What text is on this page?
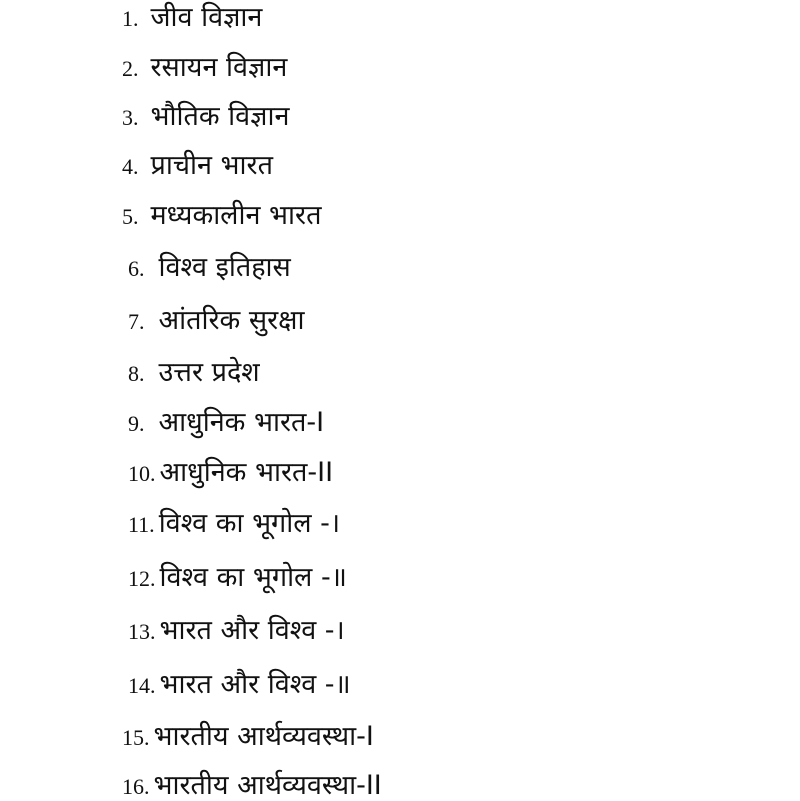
1. जीव विज्ञान
2. रसायन विज्ञान
3. भौतिक विज्ञान
4. प्राचीन भारत
5. मध्यकालीन भारत
6. विश्व इतिहास
7. आंतरिक सुरक्षा
8. उत्तर प्रदेश
9. आधुनिक भारत-I
10. आधुनिक भारत-II
11. विश्व का भूगोल -।
12. विश्व का भूगोल -॥
13. भारत और विश्व -।
14. भारत और विश्व -॥
15. भारतीय आर्थव्यवस्था-I
16. भारतीय आर्थव्यवस्था-II
